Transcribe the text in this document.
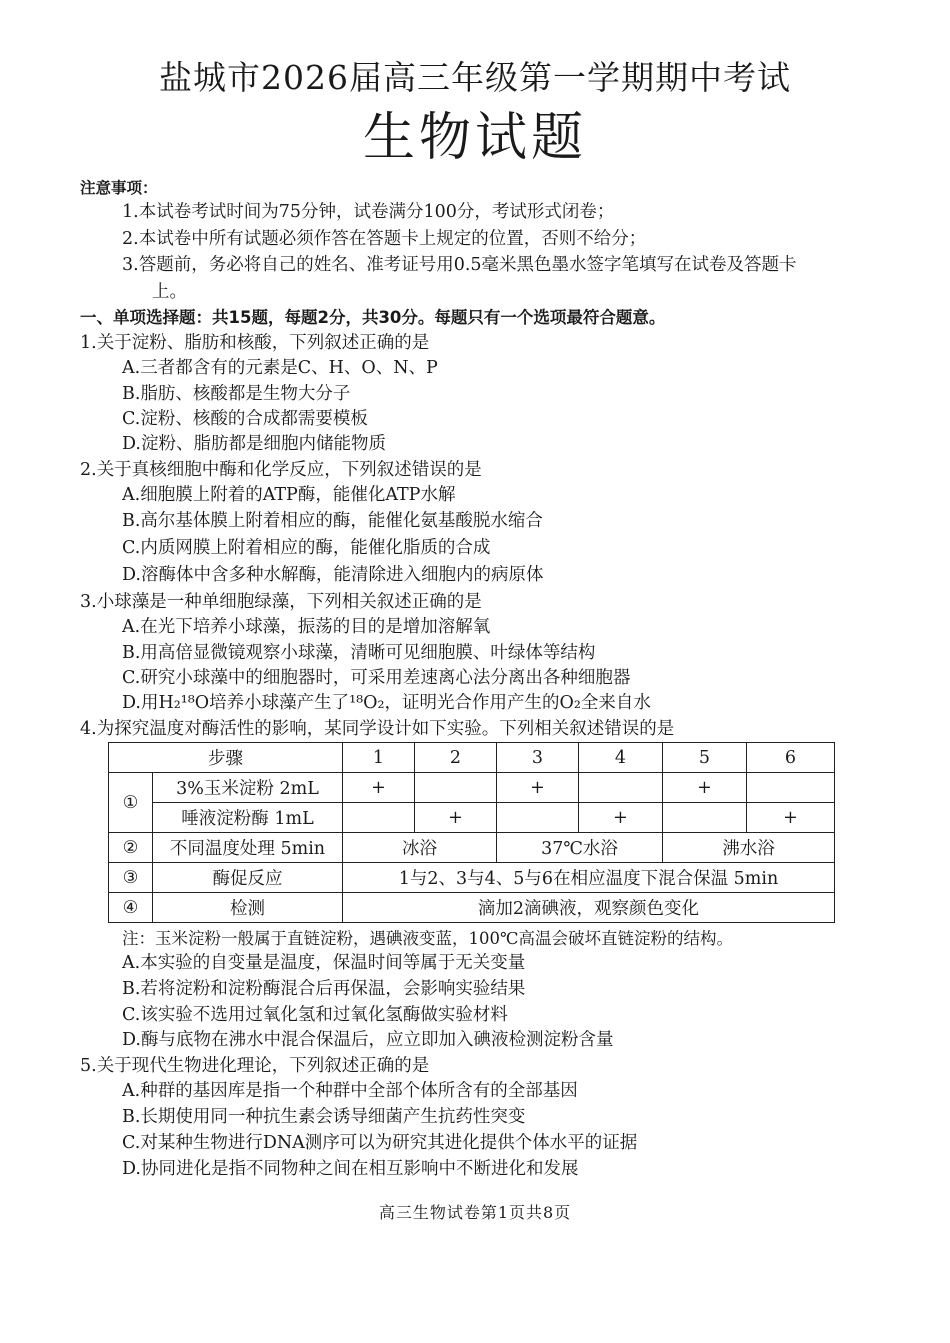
盐城市2026届高三年级第一学期期中考试
生物试题
注意事项：
1.本试卷考试时间为75分钟，试卷满分100分，考试形式闭卷；
2.本试卷中所有试题必须作答在答题卡上规定的位置，否则不给分；
3.答题前，务必将自己的姓名、准考证号用0.5毫米黑色墨水签字笔填写在试卷及答题卡
上。
一、单项选择题：共15题，每题2分，共30分。每题只有一个选项最符合题意。
1.关于淀粉、脂肪和核酸，下列叙述正确的是
A.三者都含有的元素是C、H、O、N、P
B.脂肪、核酸都是生物大分子
C.淀粉、核酸的合成都需要模板
D.淀粉、脂肪都是细胞内储能物质
2.关于真核细胞中酶和化学反应，下列叙述错误的是
A.细胞膜上附着的ATP酶，能催化ATP水解
B.高尔基体膜上附着相应的酶，能催化氨基酸脱水缩合
C.内质网膜上附着相应的酶，能催化脂质的合成
D.溶酶体中含多种水解酶，能清除进入细胞内的病原体
3.小球藻是一种单细胞绿藻，下列相关叙述正确的是
A.在光下培养小球藻，振荡的目的是增加溶解氧
B.用高倍显微镜观察小球藻，清晰可见细胞膜、叶绿体等结构
C.研究小球藻中的细胞器时，可采用差速离心法分离出各种细胞器
D.用H₂¹⁸O培养小球藻产生了¹⁸O₂，证明光合作用产生的O₂全来自水
4.为探究温度对酶活性的影响，某同学设计如下实验。下列相关叙述错误的是
步骤		1	2	3	4	5	6
①	3%玉米淀粉 2mL	+		+		+	
	唾液淀粉酶 1mL		+		+		+
②	不同温度处理 5min	冰浴		37℃水浴		沸水浴	
③	酶促反应	1与2、3与4、5与6在相应温度下混合保温 5min					
④	检测	滴加2滴碘液，观察颜色变化					
注：玉米淀粉一般属于直链淀粉，遇碘液变蓝，100℃高温会破坏直链淀粉的结构。
A.本实验的自变量是温度，保温时间等属于无关变量
B.若将淀粉和淀粉酶混合后再保温，会影响实验结果
C.该实验不选用过氧化氢和过氧化氢酶做实验材料
D.酶与底物在沸水中混合保温后，应立即加入碘液检测淀粉含量
5.关于现代生物进化理论，下列叙述正确的是
A.种群的基因库是指一个种群中全部个体所含有的全部基因
B.长期使用同一种抗生素会诱导细菌产生抗药性突变
C.对某种生物进行DNA测序可以为研究其进化提供个体水平的证据
D.协同进化是指不同物种之间在相互影响中不断进化和发展
高三生物试卷第1页共8页
